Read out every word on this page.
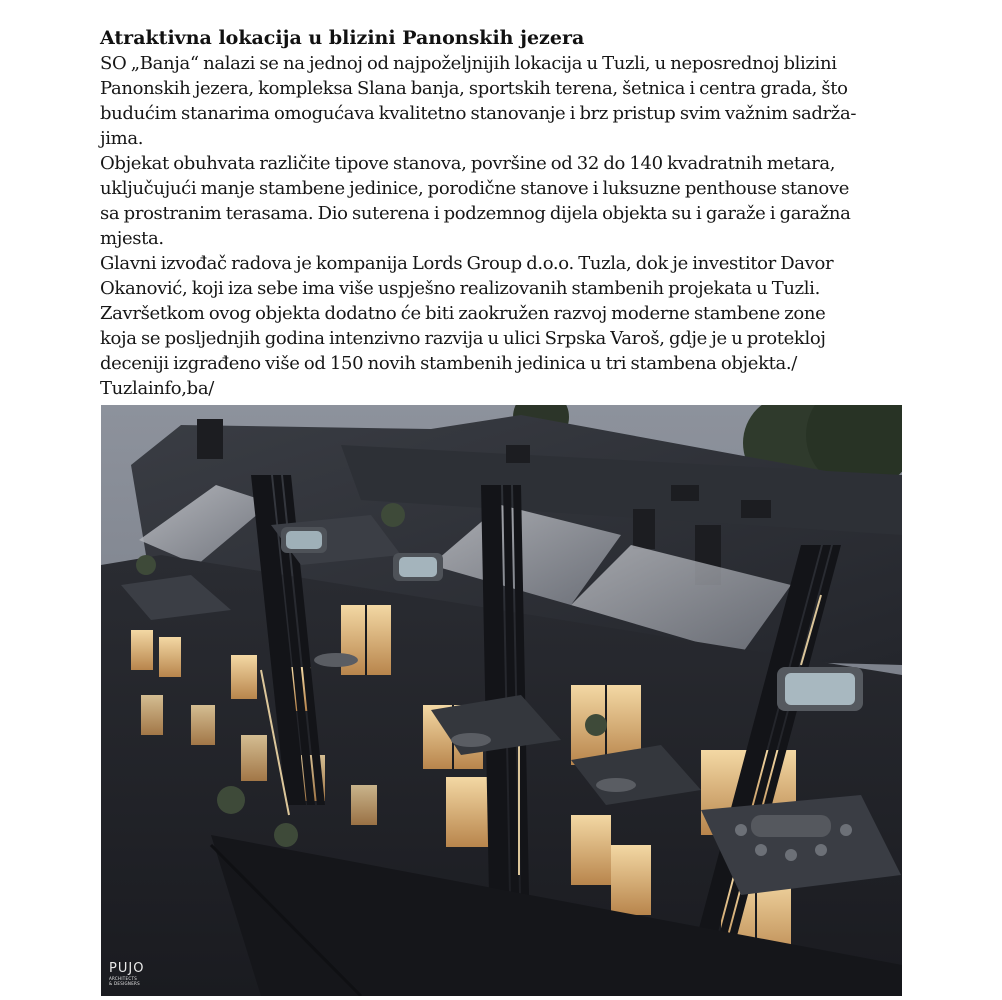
Atraktivna lokacija u blizini Panonskih jezera

SO „Banja“ nalazi se na jednoj od najpoželjnijih lokacija u Tuzli, u neposrednoj blizini
Panonskih jezera, kompleksa Slana banja, sportskih terena, šetnica i centra grada, što
budućim stanarima omogućava kvalitetno stanovanje i brz pristup svim važnim sadrža-
jima.

Objekat obuhvata različite tipove stanova, površine od 32 do 140 kvadratnih metara,
uključujući manje stambene jedinice, porodične stanove i luksuzne penthouse stanove
sa prostranim terasama. Dio suterena i podzemnog dijela objekta su i garaže i garažna
mjesta.

Glavni izvođač radova je kompanija Lords Group d.o.o. Tuzla, dok je investitor Davor
Okanović, koji iza sebe ima više uspješno realizovanih stambenih projekata u Tuzli.
Završetkom ovog objekta dodatno će biti zaokružen razvoj moderne stambene zone
koja se posljednjih godina intenzivno razvija u ulici Srpska Varoš, gdje je u protekloj
deceniji izgrađeno više od 150 novih stambenih jedinica u tri stambena objekta./
Tuzlainfo,ba/

PUJO
ARCHITECTS
& DESIGNERS
